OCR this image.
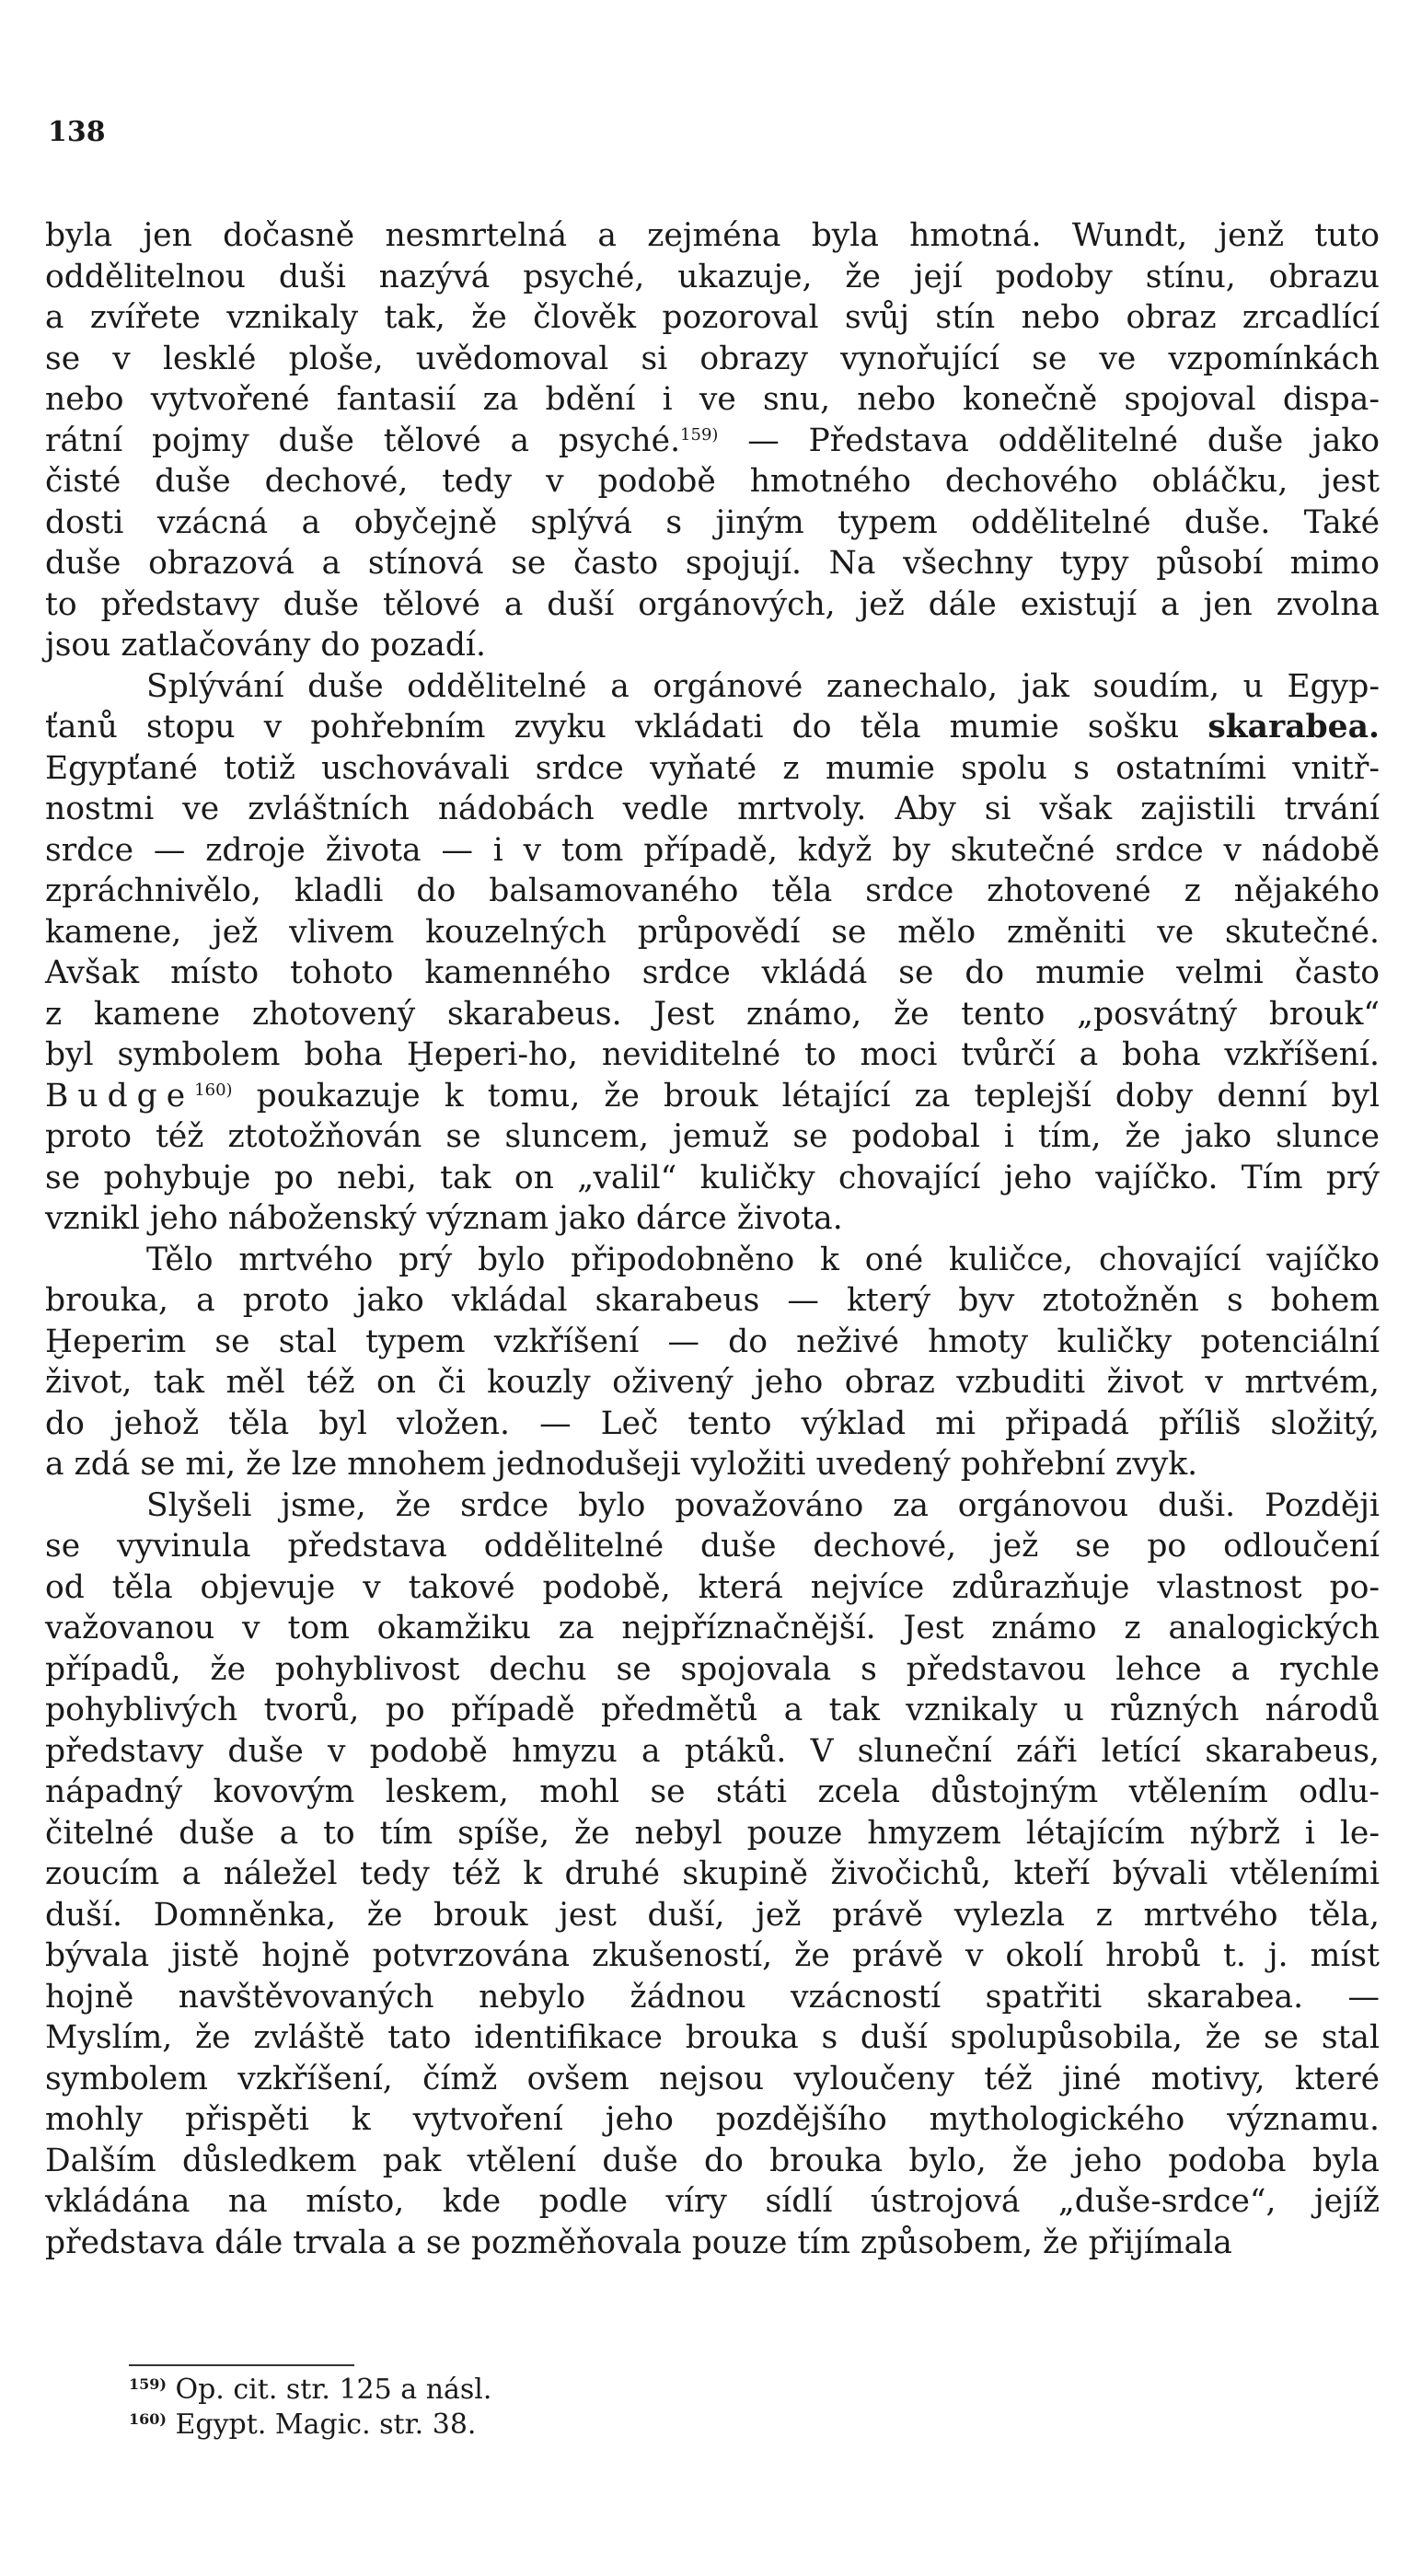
138
byla jen dočasně nesmrtelná a zejména byla hmotná. Wundt, jenž tuto
oddělitelnou duši nazývá psyché, ukazuje, že její podoby stínu, obrazu
a zvířete vznikaly tak, že člověk pozoroval svůj stín nebo obraz zrcadlící
se v lesklé ploše, uvědomoval si obrazy vynořující se ve vzpomínkách
nebo vytvořené fantasií za bdění i ve snu, nebo konečně spojoval dispa-
rátní pojmy duše tělové a psyché.$^{159)}$ — Představa oddělitelné duše jako
čisté duše dechové, tedy v podobě hmotného dechového obláčku, jest
dosti vzácná a obyčejně splývá s jiným typem oddělitelné duše. Také
duše obrazová a stínová se často spojují. Na všechny typy působí mimo
to představy duše tělové a duší orgánových, jež dále existují a jen zvolna
jsou zatlačovány do pozadí.
Splývání duše oddělitelné a orgánové zanechalo, jak soudím, u Egyp-
ťanů stopu v pohřebním zvyku vkládati do těla mumie sošku skarabea.
Egypťané totiž uschovávali srdce vyňaté z mumie spolu s ostatními vnitř-
nostmi ve zvláštních nádobách vedle mrtvoly. Aby si však zajistili trvání
srdce — zdroje života — i v tom případě, když by skutečné srdce v nádobě
zpráchnivělo, kladli do balsamovaného těla srdce zhotovené z nějakého
kamene, jež vlivem kouzelných průpovědí se mělo změniti ve skutečné.
Avšak místo tohoto kamenného srdce vkládá se do mumie velmi často
z kamene zhotovený skarabeus. Jest známo, že tento „posvátný brouk“
byl symbolem boha Ḫeperi-ho, neviditelné to moci tvůrčí a boha vzkříšení.
Budge$^{160)}$ poukazuje k tomu, že brouk létající za teplejší doby denní byl
proto též ztotožňován se sluncem, jemuž se podobal i tím, že jako slunce
se pohybuje po nebi, tak on „valil“ kuličky chovající jeho vajíčko. Tím prý
vznikl jeho náboženský význam jako dárce života.
Tělo mrtvého prý bylo připodobněno k oné kuličce, chovající vajíčko
brouka, a proto jako vkládal skarabeus — který byv ztotožněn s bohem
Ḫeperim se stal typem vzkříšení — do neživé hmoty kuličky potenciální
život, tak měl též on či kouzly oživený jeho obraz vzbuditi život v mrtvém,
do jehož těla byl vložen. — Leč tento výklad mi připadá příliš složitý,
a zdá se mi, že lze mnohem jednodušeji vyložiti uvedený pohřební zvyk.
Slyšeli jsme, že srdce bylo považováno za orgánovou duši. Později
se vyvinula představa oddělitelné duše dechové, jež se po odloučení
od těla objevuje v takové podobě, která nejvíce zdůrazňuje vlastnost po-
važovanou v tom okamžiku za nejpříznačnější. Jest známo z analogických
případů, že pohyblivost dechu se spojovala s představou lehce a rychle
pohyblivých tvorů, po případě předmětů a tak vznikaly u různých národů
představy duše v podobě hmyzu a ptáků. V sluneční záři letící skarabeus,
nápadný kovovým leskem, mohl se státi zcela důstojným vtělením odlu-
čitelné duše a to tím spíše, že nebyl pouze hmyzem létajícím nýbrž i le-
zoucím a náležel tedy též k druhé skupině živočichů, kteří bývali vtěleními
duší. Domněnka, že brouk jest duší, jež právě vylezla z mrtvého těla,
bývala jistě hojně potvrzována zkušeností, že právě v okolí hrobů t. j. míst
hojně navštěvovaných nebylo žádnou vzácností spatřiti skarabea. —
Myslím, že zvláště tato identifikace brouka s duší spolupůsobila, že se stal
symbolem vzkříšení, čímž ovšem nejsou vyloučeny též jiné motivy, které
mohly přispěti k vytvoření jeho pozdějšího mythologického významu.
Dalším důsledkem pak vtělení duše do brouka bylo, že jeho podoba byla
vkládána na místo, kde podle víry sídlí ústrojová „duše-srdce“, jejíž
představa dále trvala a se pozměňovala pouze tím způsobem, že přijímala
$^{159)}$ Op. cit. str. 125 a násl.
$^{160)}$ Egypt. Magic. str. 38.
